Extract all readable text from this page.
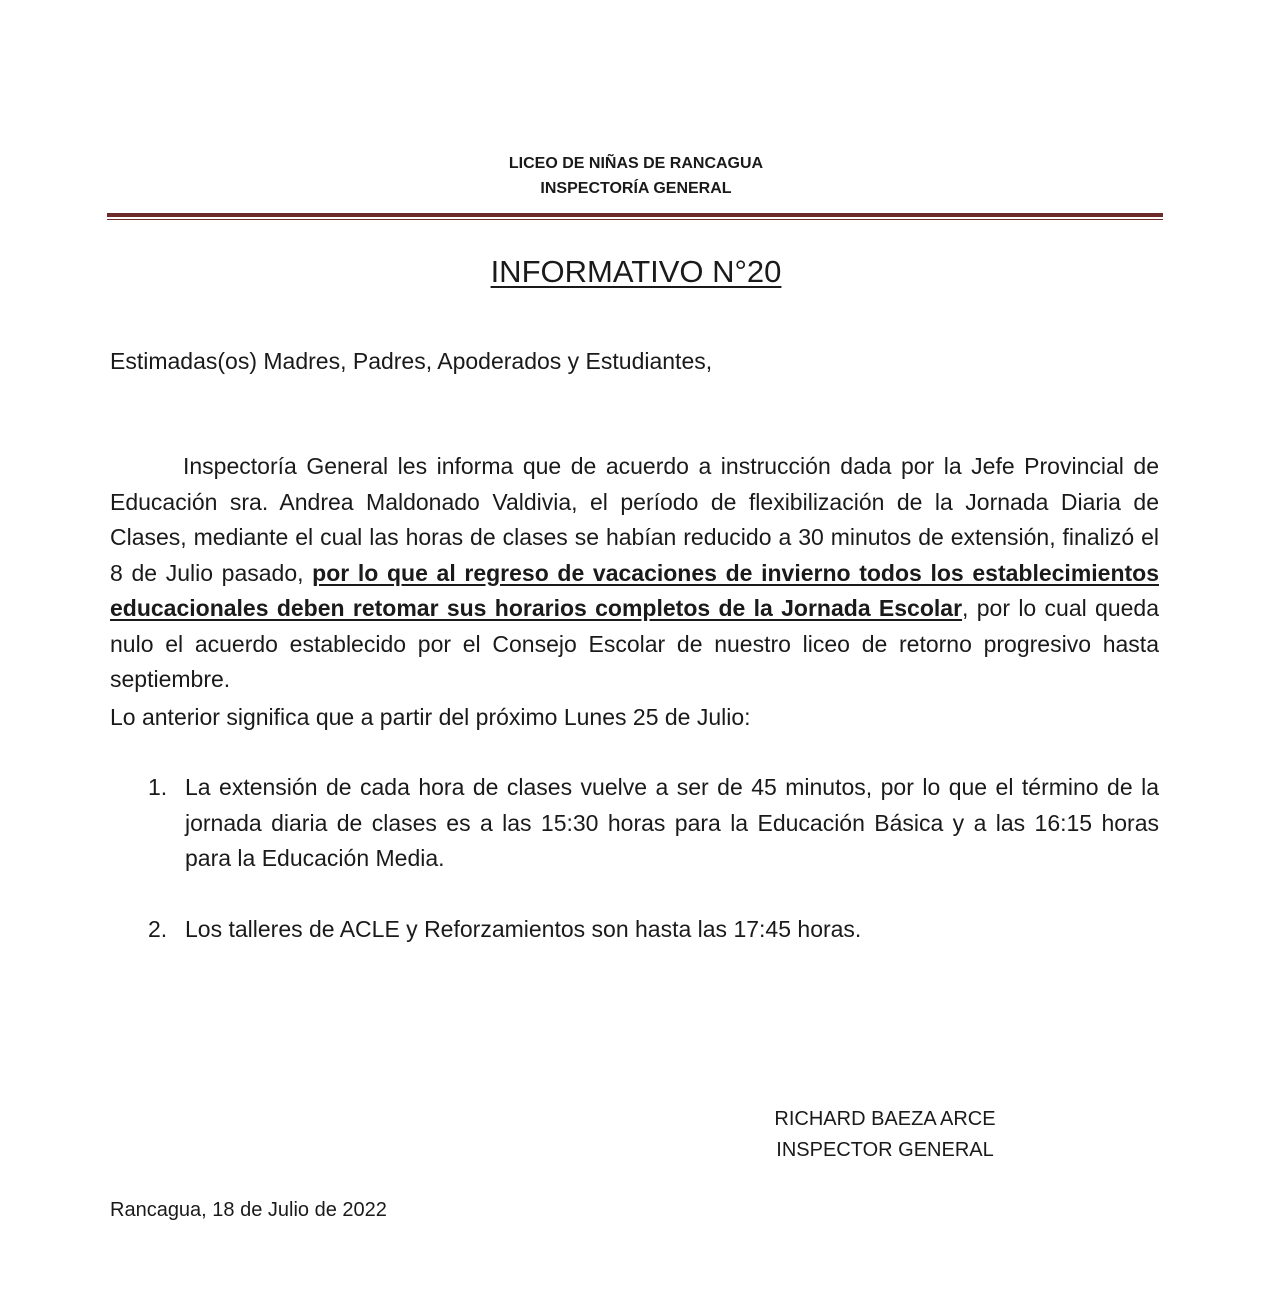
LICEO DE NIÑAS DE RANCAGUA
INSPECTORÍA GENERAL
INFORMATIVO N°20
Estimadas(os) Madres, Padres, Apoderados y Estudiantes,

Inspectoría General les informa que de acuerdo a instrucción dada por la Jefe Provincial de Educación sra. Andrea Maldonado Valdivia, el período de flexibilización de la Jornada Diaria de Clases, mediante el cual las horas de clases se habían reducido a 30 minutos de extensión, finalizó el 8 de Julio pasado, por lo que al regreso de vacaciones de invierno todos los establecimientos educacionales deben retomar sus horarios completos de la Jornada Escolar, por lo cual queda nulo el acuerdo establecido por el Consejo Escolar de nuestro liceo de retorno progresivo hasta septiembre.

Lo anterior significa que a partir del próximo Lunes 25 de Julio:
1. La extensión de cada hora de clases vuelve a ser de 45 minutos, por lo que el término de la jornada diaria de clases es a las 15:30 horas para la Educación Básica y a las 16:15 horas para la Educación Media.
2. Los talleres de ACLE y Reforzamientos son hasta las 17:45 horas.
RICHARD BAEZA ARCE
INSPECTOR GENERAL
Rancagua, 18 de Julio de 2022
